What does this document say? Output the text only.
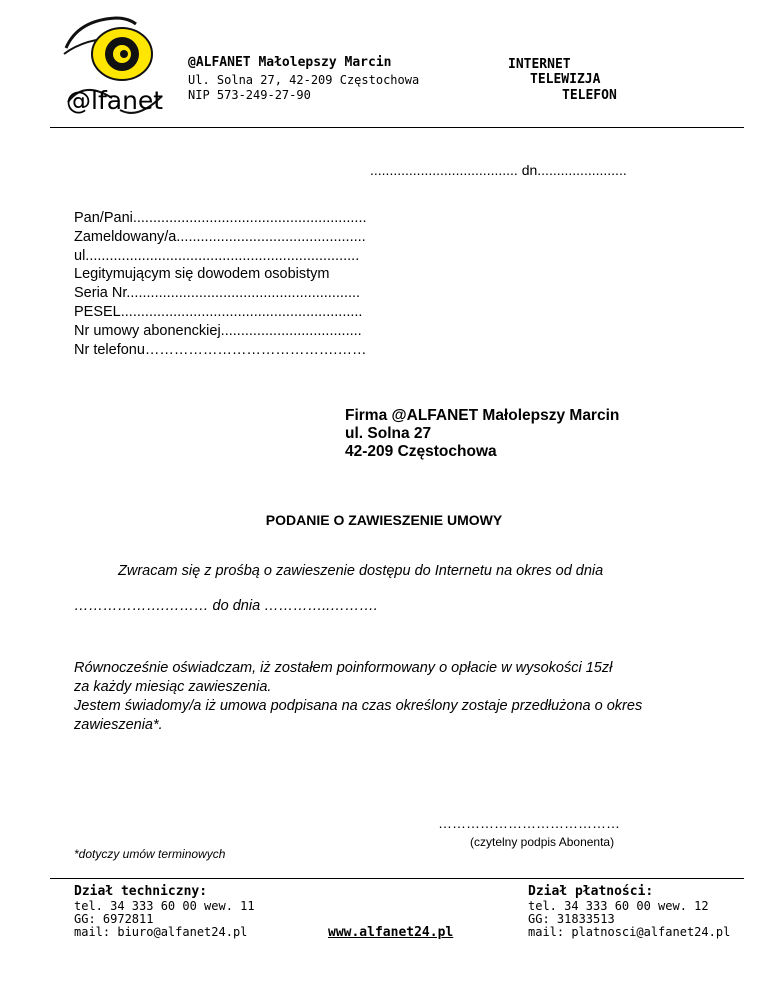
@lfanet
@ALFANET Małolepszy Marcin
Ul. Solna 27, 42-209 Częstochowa
NIP 573-249-27-90
INTERNET
TELEWIZJA
TELEFON
...................................... dn.......................
Pan/Pani..........................................................
Zameldowany/a...............................................
ul....................................................................
Legitymującym się dowodem osobistym
Seria Nr..........................................................
PESEL............................................................
Nr umowy abonenckiej...................................
Nr telefonu………………………………….……
Firma @ALFANET Małolepszy Marcin
ul. Solna 27
42-209 Częstochowa
PODANIE O ZAWIESZENIE UMOWY
Zwracam się z prośbą o zawieszenie dostępu do Internetu na okres od dnia
……………….……… do dnia …………..……….
Równocześnie oświadczam, iż zostałem poinformowany o opłacie w wysokości 15zł
za każdy miesiąc zawieszenia.
Jestem świadomy/a iż umowa podpisana na czas określony zostaje przedłużona o okres
zawieszenia*.
…………………………………
(czytelny podpis Abonenta)
*dotyczy umów terminowych
Dział techniczny:
tel. 34 333 60 00 wew. 11
GG: 6972811
mail: biuro@alfanet24.pl	www.alfanet24.pl
Dział płatności:
tel. 34 333 60 00 wew. 12
GG: 31833513
mail: platnosci@alfanet24.pl
